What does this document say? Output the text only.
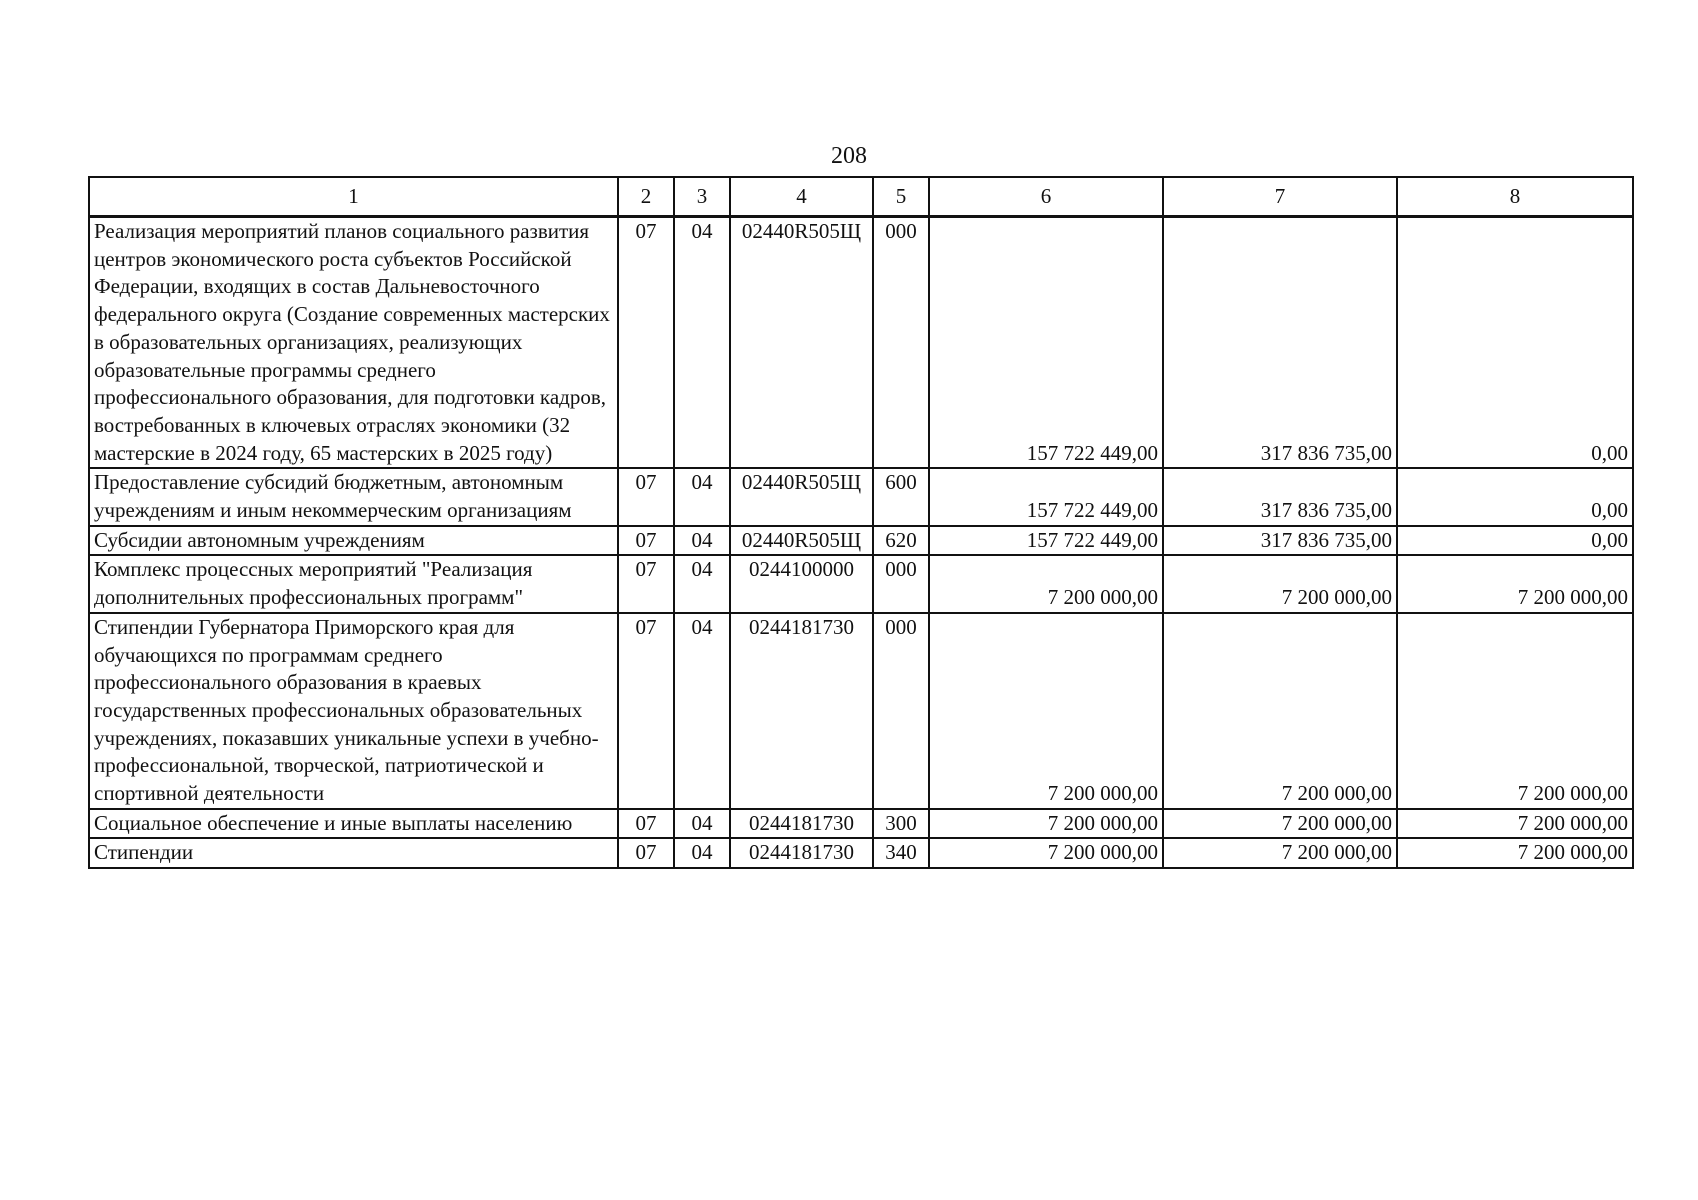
208
1	2	3	4	5	6	7	8
Реализация мероприятий планов социального развития центров экономического роста субъектов Российской Федерации, входящих в состав Дальневосточного федерального округа (Создание современных мастерских в образовательных организациях, реализующих образовательные программы среднего профессионального образования, для подготовки кадров, востребованных в ключевых отраслях экономики (32 мастерские в 2024 году, 65 мастерских в 2025 году)	07	04	02440R505Щ	000	157 722 449,00	317 836 735,00	0,00
Предоставление субсидий бюджетным, автономным учреждениям и иным некоммерческим организациям	07	04	02440R505Щ	600	157 722 449,00	317 836 735,00	0,00
Субсидии автономным учреждениям	07	04	02440R505Щ	620	157 722 449,00	317 836 735,00	0,00
Комплекс процессных мероприятий "Реализация дополнительных профессиональных программ"	07	04	0244100000	000	7 200 000,00	7 200 000,00	7 200 000,00
Стипендии Губернатора Приморского края для обучающихся по программам среднего профессионального образования в краевых государственных профессиональных образовательных учреждениях, показавших уникальные успехи в учебно-профессиональной, творческой, патриотической и спортивной деятельности	07	04	0244181730	000	7 200 000,00	7 200 000,00	7 200 000,00
Социальное обеспечение и иные выплаты населению	07	04	0244181730	300	7 200 000,00	7 200 000,00	7 200 000,00
Стипендии	07	04	0244181730	340	7 200 000,00	7 200 000,00	7 200 000,00
